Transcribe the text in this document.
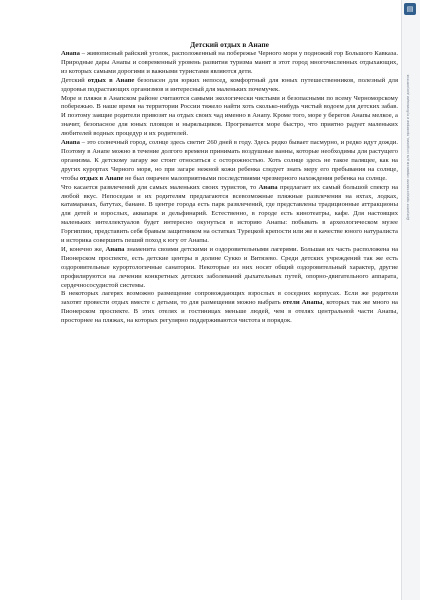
Детский отдых в Анапе

Анапа – живописный райский уголок, расположенный на побережье Черного моря у подножий гор Большого Кавказа. Природные дары Анапы и современный уровень развития туризма манят в этот город многочисленных отдыхающих, из которых самыми дорогими и важными туристами являются дети.

Детский отдых в Анапе безопасен для юрких непосед, комфортный для юных путешественников, полезный для здоровья подрастающих организмов и интересный для маленьких почемучек.

Море и пляжи в Анапском районе считаются самыми экологически чистыми и безопасными по всему Черноморскому побережью. В наше время на территории России тяжело найти хоть сколько-нибудь чистый водоем для детских забав. И поэтому заящие родители привозят на отдых своих чад именно в Анапу. Кроме того, море у берегов Анапы мелкое, а значит, безопасное для юных пловцов и ныряльщиков. Прогревается море быстро, что приятно радует маленьких любителей водных процедур и их родителей.

Анапа – это солнечный город, солнце здесь светит 260 дней в году. Здесь редко бывает пасмурно, и редко идут дожди. Поэтому в Анапе можно в течение долгого времени принимать воздушные ванны, которые необходимы для растущего организма. К детскому загару же стоит относиться с осторожностью. Хоть солнце здесь не такое палящее, как на других курортах Черного моря, но при загаре нежной кожи ребенка следует знать меру его пребывания на солнце, чтобы отдых в Анапе не был омрачен малоприятными последствиями чрезмерного нахождения ребенка на солнце.

Что касается развлечений для самых маленьких своих туристов, то Анапа предлагает их самый большой спектр на любой вкус. Непоседам и их родителям предлагаются всевозможные пляжные развлечения на яхтах, лодках, катамаранах, батутах, банане. В центре города есть парк развлечений, где представлены традиционные аттракционы для детей и взрослых, аквапарк и дельфинарий. Естественно, в городе есть кинотеатры, кафе. Для настоящих маленьких интеллектуалов будет интересно окунуться в историю Анапы: побывать в археологическом музее Горгиппии, представить себя бравым защитником на остатках Турецкой крепости или же в качестве юного натуралиста и историка совершить пеший поход к югу от Анапы.

И, конечно же, Анапа знаменита своими детскими и оздоровительными лагерями. Большая их часть расположена на Пионерском проспекте, есть детские центры в долине Сукко и Витязево. Среди детских учреждений так же есть оздоровительные курортологичные санатории. Некоторые из них носят общий оздоровительный характер, другие профилируются на лечении конкретных детских заболеваний дыхательных путей, опорно-двигательного аппарата, сердечнососудистой системы.

В некоторых лагерях возможно размещение сопровождающих взрослых в соседних корпусах. Если же родители захотят провести отдых вместе с детьми, то для размещения можно выбрать отели Анапы, которых так же много на Пионерском проспекте. В этих отелях и гостиницах меньше людей, чем в отелях центральной части Анапы, просторнее на пляжах, на которых регулярно поддерживаются чистота и порядок.

▤
Документ предоставлен сервисом для создания, проверки и публикации документов
